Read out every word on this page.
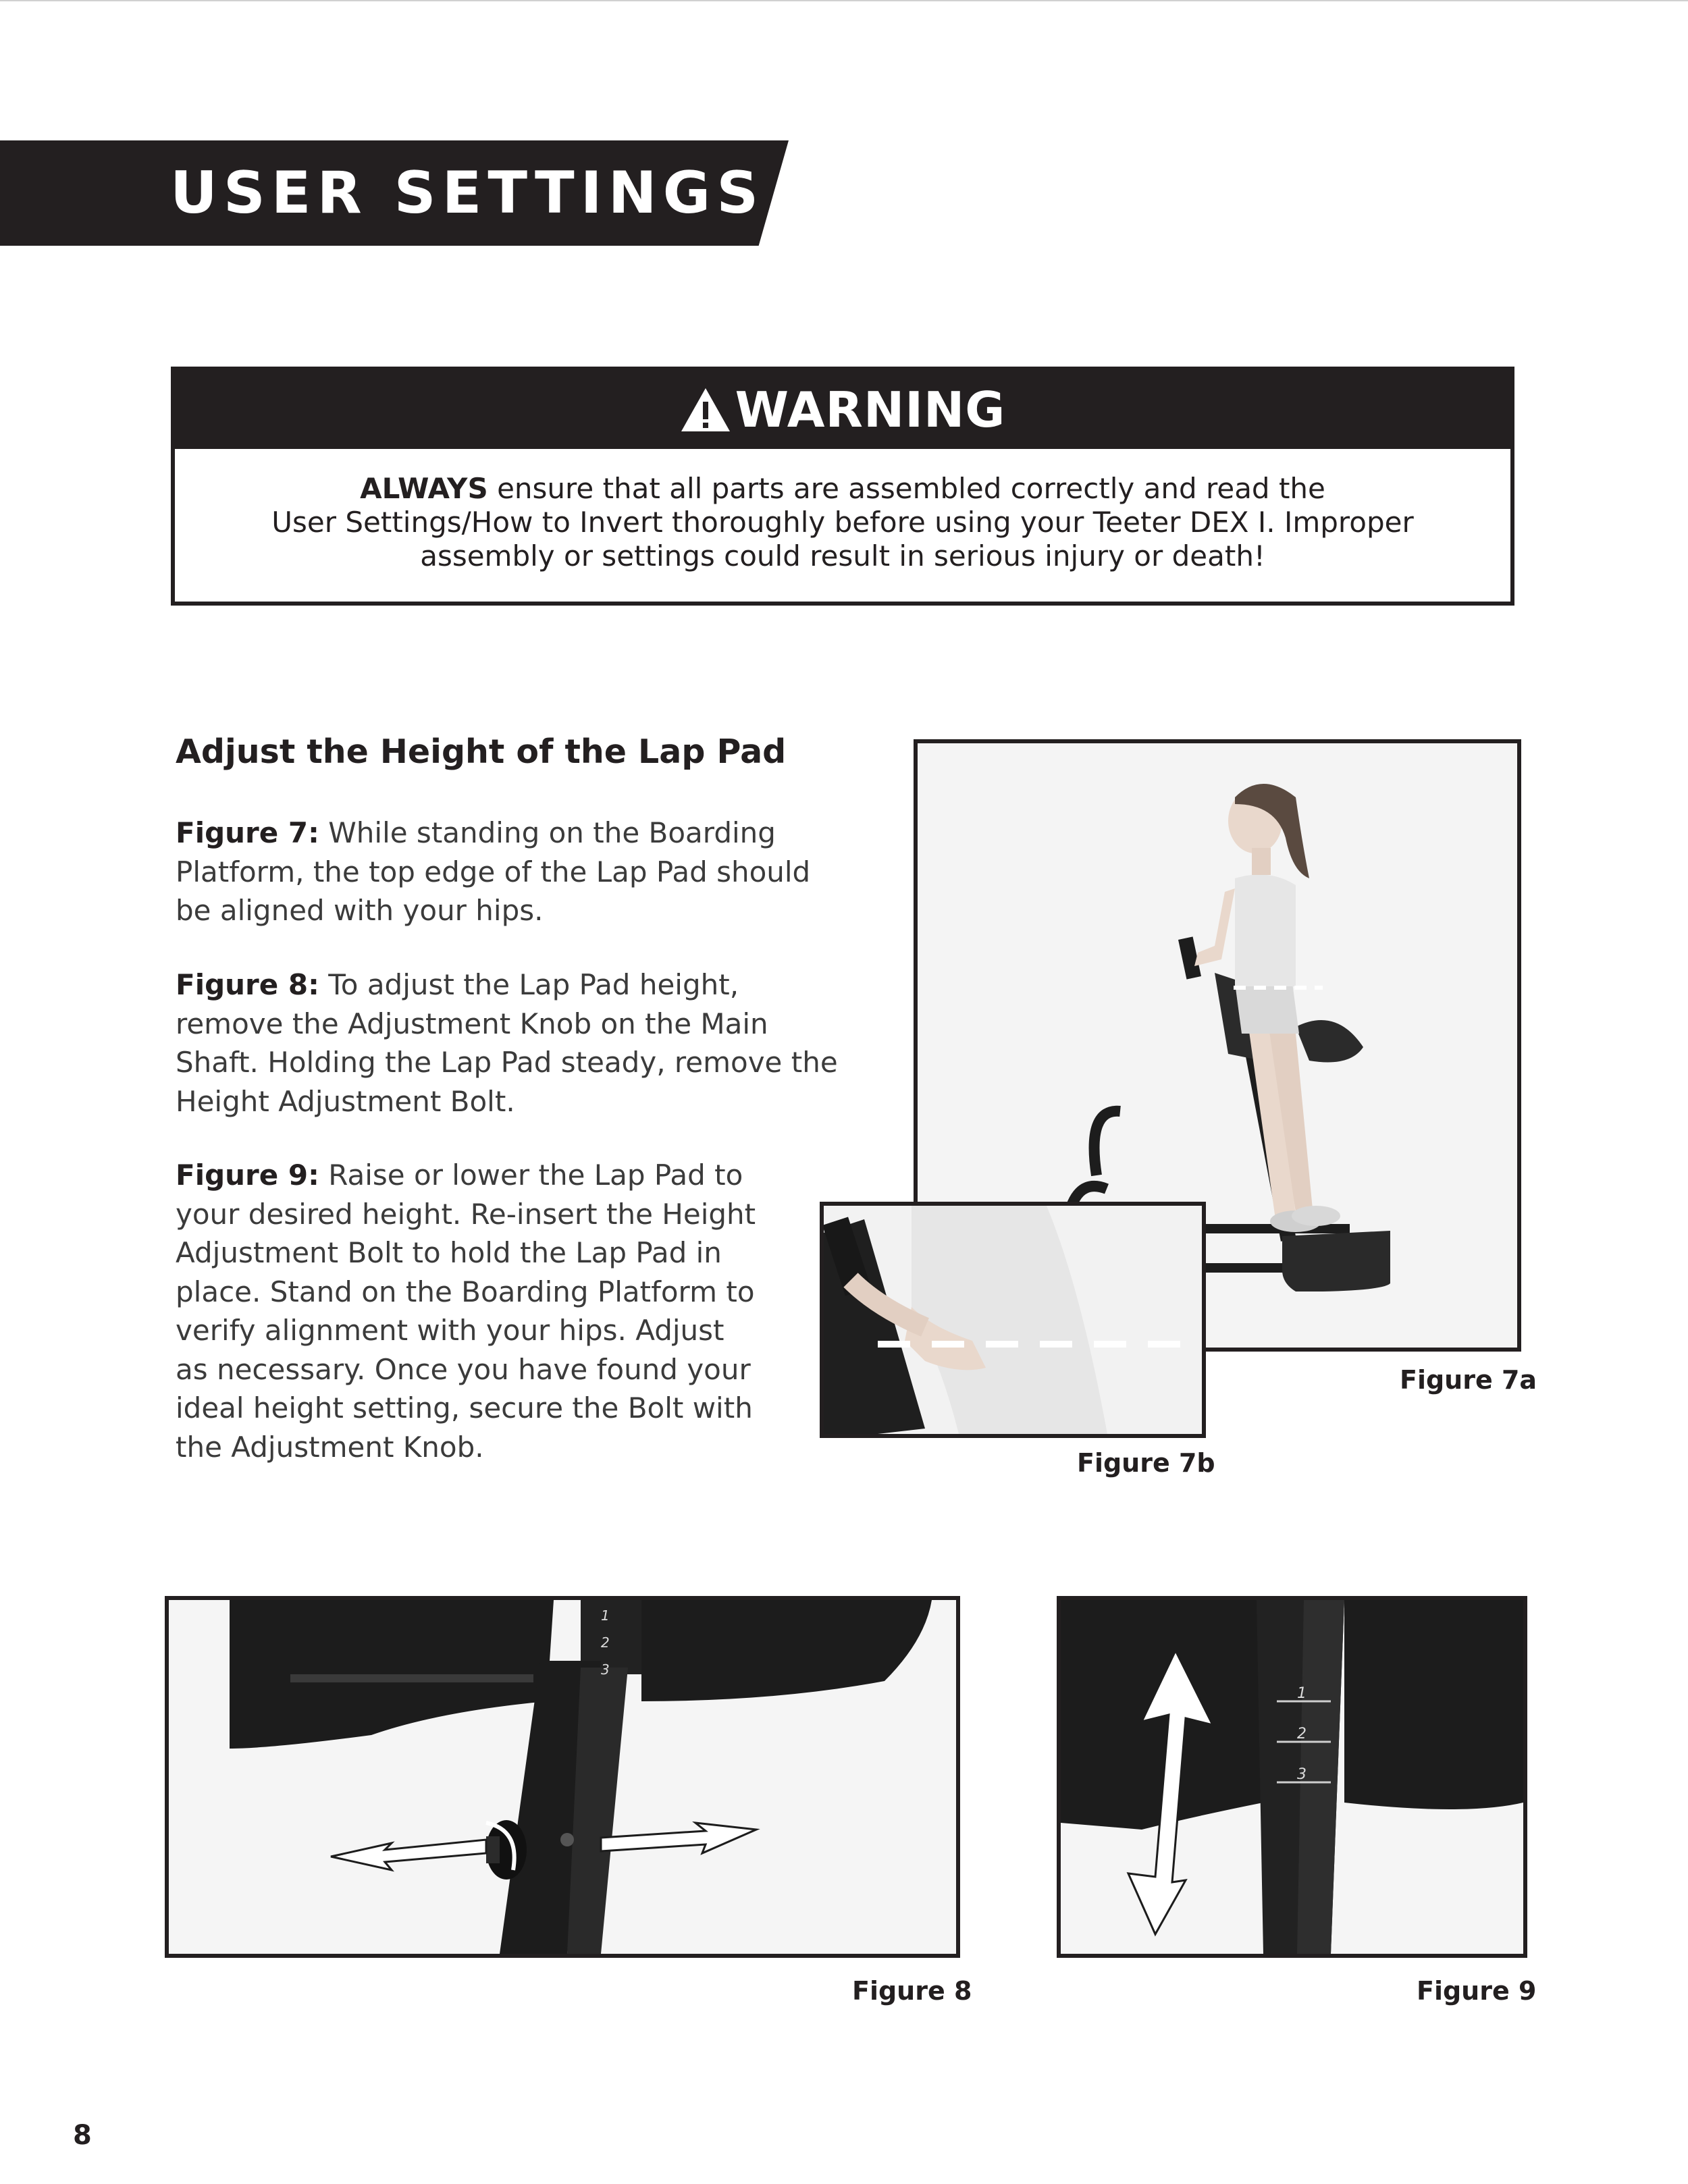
USER SETTINGS
WARNING
ALWAYS ensure that all parts are assembled correctly and read the
User Settings/How to Invert thoroughly before using your Teeter DEX I. Improper
assembly or settings could result in serious injury or death!
Adjust the Height of the Lap Pad
Figure 7: While standing on the Boarding Platform, the top edge of the Lap Pad should be aligned with your hips.
Figure 8: To adjust the Lap Pad height, remove the Adjustment Knob on the Main Shaft. Holding the Lap Pad steady, remove the Height Adjustment Bolt.
Figure 9: Raise or lower the Lap Pad to your desired height. Re-insert the Height Adjustment Bolt to hold the Lap Pad in place. Stand on the Boarding Platform to verify alignment with your hips. Adjust as necessary. Once you have found your ideal height setting, secure the Bolt with the Adjustment Knob.
Figure 7a
Figure 7b
1
2
3
Figure 8
1
2
3
Figure 9
8
